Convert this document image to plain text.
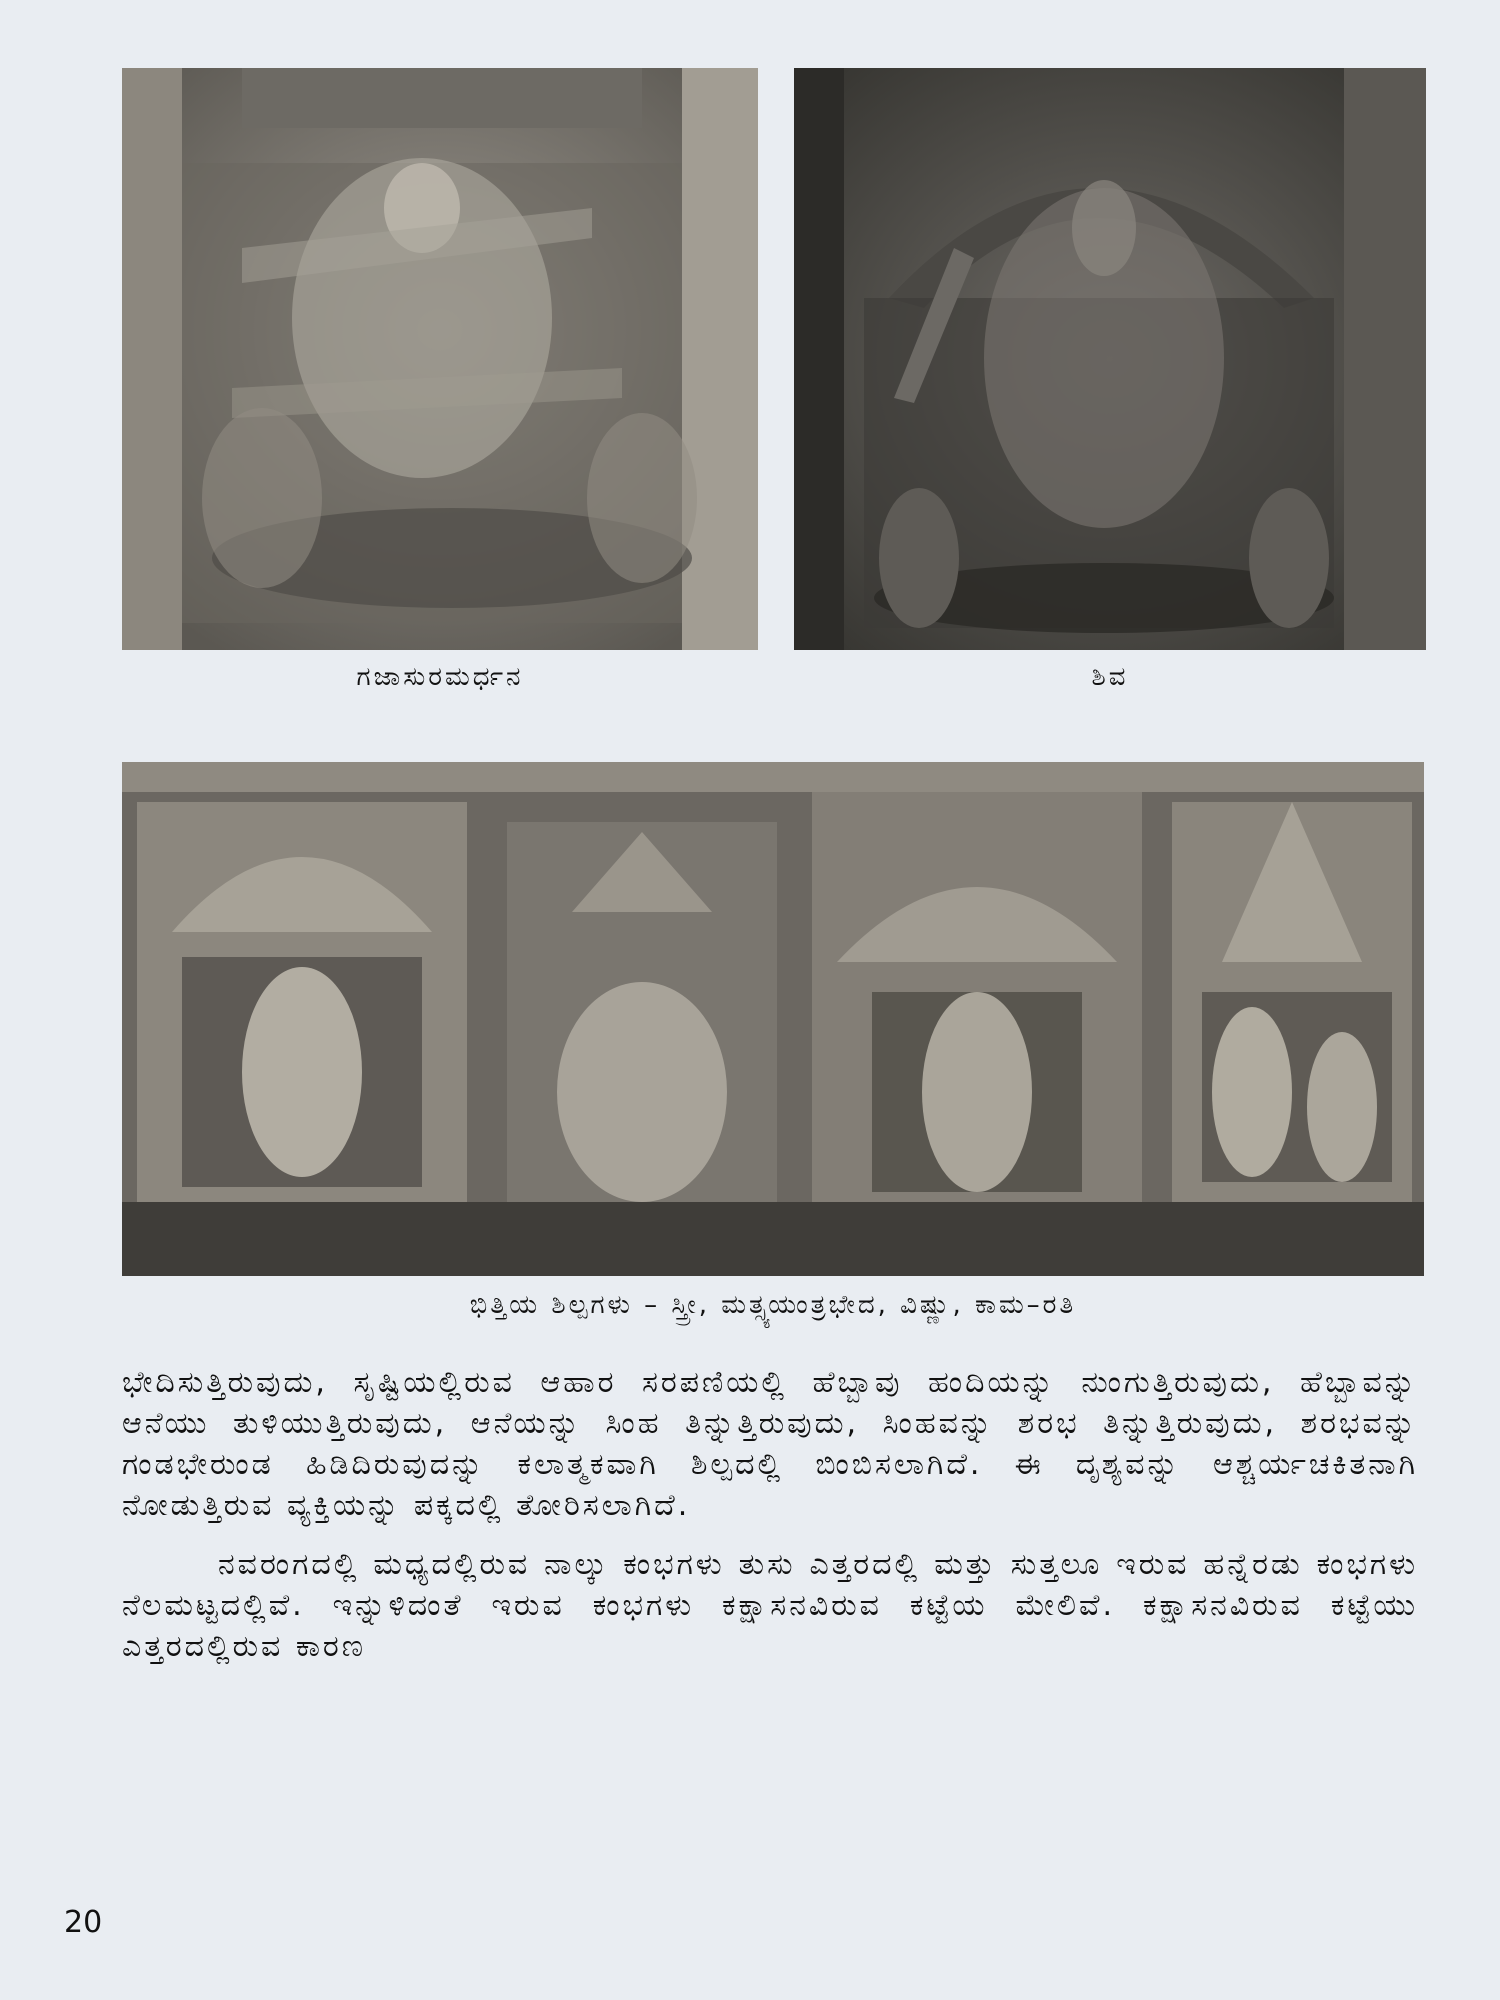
ಗಜಾಸುರಮರ್ಧನ	ಶಿವ
ಭಿತ್ತಿಯ ಶಿಲ್ಪಗಳು – ಸ್ತ್ರೀ, ಮತ್ಸ್ಯಯಂತ್ರಭೇದ, ವಿಷ್ಣು, ಕಾಮ–ರತಿ

ಭೇದಿಸುತ್ತಿರುವುದು, ಸೃಷ್ಟಿಯಲ್ಲಿರುವ ಆಹಾರ ಸರಪಣಿಯಲ್ಲಿ ಹೆಬ್ಬಾವು ಹಂದಿಯನ್ನು ನುಂಗುತ್ತಿರುವುದು, ಹೆಬ್ಬಾವನ್ನು ಆನೆಯು ತುಳಿಯುತ್ತಿರುವುದು, ಆನೆಯನ್ನು ಸಿಂಹ ತಿನ್ನುತ್ತಿರುವುದು, ಸಿಂಹವನ್ನು ಶರಭ ತಿನ್ನುತ್ತಿರುವುದು, ಶರಭವನ್ನು ಗಂಡಭೇರುಂಡ ಹಿಡಿದಿರುವುದನ್ನು ಕಲಾತ್ಮಕವಾಗಿ ಶಿಲ್ಪದಲ್ಲಿ ಬಿಂಬಿಸಲಾಗಿದೆ. ಈ ದೃಶ್ಯವನ್ನು ಆಶ್ಚರ್ಯಚಕಿತನಾಗಿ ನೋಡುತ್ತಿರುವ ವ್ಯಕ್ತಿಯನ್ನು ಪಕ್ಕದಲ್ಲಿ ತೋರಿಸಲಾಗಿದೆ.

ನವರಂಗದಲ್ಲಿ ಮಧ್ಯದಲ್ಲಿರುವ ನಾಲ್ಕು ಕಂಭಗಳು ತುಸು ಎತ್ತರದಲ್ಲಿ ಮತ್ತು ಸುತ್ತಲೂ ಇರುವ ಹನ್ನೆರಡು ಕಂಭಗಳು ನೆಲಮಟ್ಟದಲ್ಲಿವೆ. ಇನ್ನುಳಿದಂತೆ ಇರುವ ಕಂಭಗಳು ಕಕ್ಷಾಸನವಿರುವ ಕಟ್ಟೆಯ ಮೇಲಿವೆ. ಕಕ್ಷಾಸನವಿರುವ ಕಟ್ಟೆಯು ಎತ್ತರದಲ್ಲಿರುವ ಕಾರಣ

20
